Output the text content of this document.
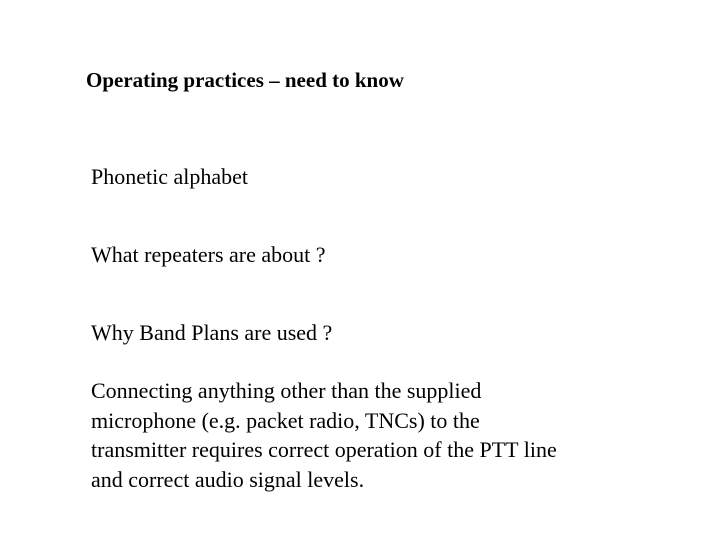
Operating practices – need to know
Phonetic alphabet
What repeaters are about ?
Why Band Plans are used ?
Connecting anything other than the supplied
microphone (e.g. packet radio, TNCs) to the
transmitter requires correct operation of the PTT line
and correct audio signal levels.
